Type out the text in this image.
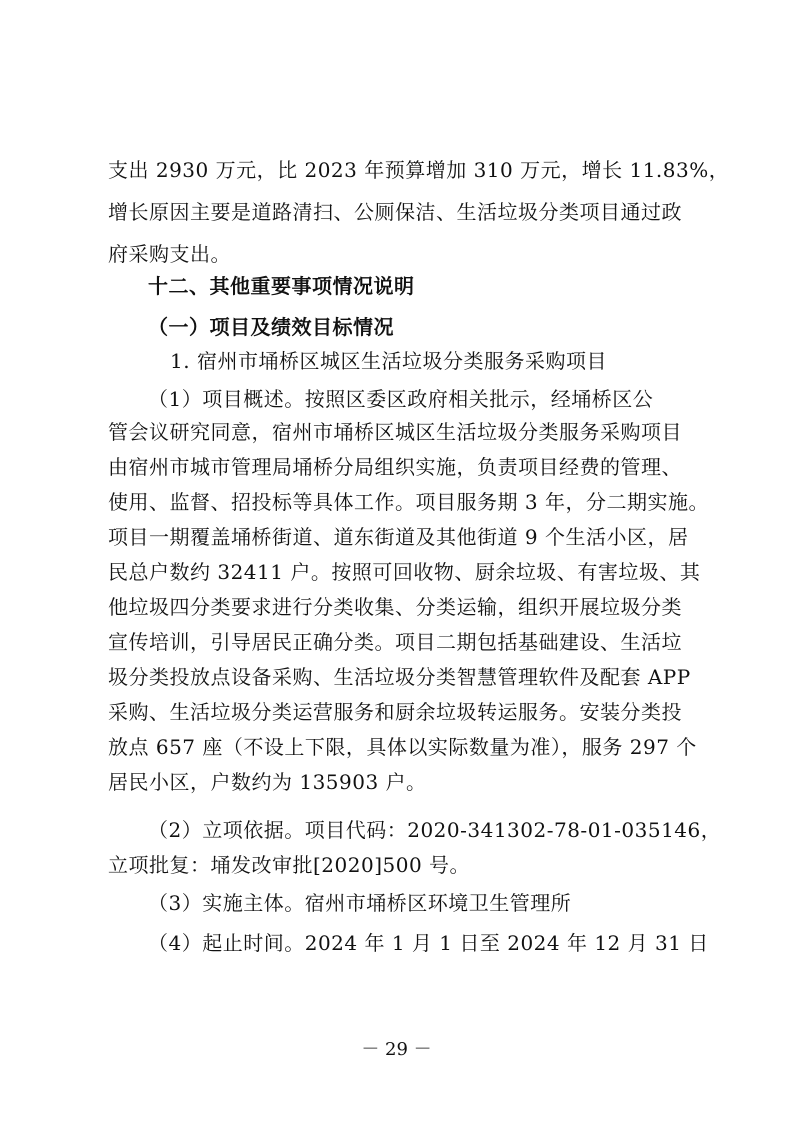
支出 2930 万元，比 2023 年预算增加 310 万元，增长 11.83%，
增长原因主要是道路清扫、公厕保洁、生活垃圾分类项目通过政
府采购支出。
十二、其他重要事项情况说明
（一）项目及绩效目标情况
1. 宿州市埇桥区城区生活垃圾分类服务采购项目
（1）项目概述。按照区委区政府相关批示，经埇桥区公
管会议研究同意，宿州市埇桥区城区生活垃圾分类服务采购项目
由宿州市城市管理局埇桥分局组织实施，负责项目经费的管理、
使用、监督、招投标等具体工作。项目服务期 3 年，分二期实施。
项目一期覆盖埇桥街道、道东街道及其他街道 9 个生活小区，居
民总户数约 32411 户。按照可回收物、厨余垃圾、有害垃圾、其
他垃圾四分类要求进行分类收集、分类运输，组织开展垃圾分类
宣传培训，引导居民正确分类。项目二期包括基础建设、生活垃
圾分类投放点设备采购、生活垃圾分类智慧管理软件及配套 APP
采购、生活垃圾分类运营服务和厨余垃圾转运服务。安装分类投
放点 657 座（不设上下限，具体以实际数量为准），服务 297 个
居民小区，户数约为 135903 户。
（2）立项依据。项目代码：2020-341302-78-01-035146，
立项批复：埇发改审批[2020]500 号。
（3）实施主体。宿州市埇桥区环境卫生管理所
（4）起止时间。2024 年 1 月 1 日至 2024 年 12 月 31 日
－ 29 －
